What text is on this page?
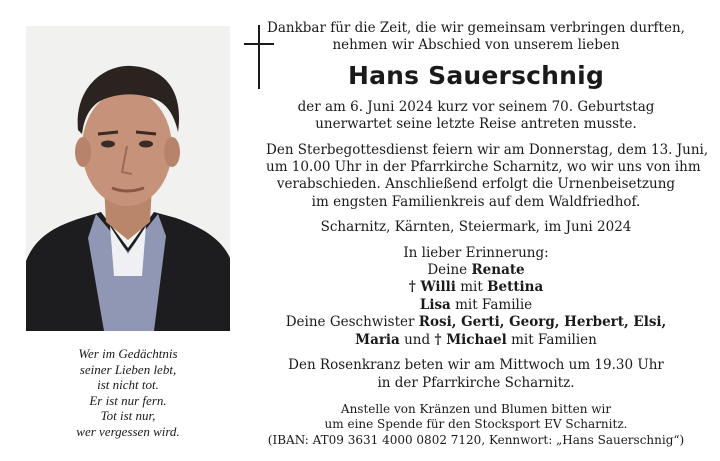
Wer im Gedächtnis
seiner Lieben lebt,
ist nicht tot.
Er ist nur fern.
Tot ist nur,
wer vergessen wird.
Dankbar für die Zeit, die wir gemeinsam verbringen durften,
nehmen wir Abschied von unserem lieben
Hans Sauerschnig
der am 6. Juni 2024 kurz vor seinem 70. Geburtstag
unerwartet seine letzte Reise antreten musste.
Den Sterbegottesdienst feiern wir am Donnerstag, dem 13. Juni,
um 10.00 Uhr in der Pfarrkirche Scharnitz, wo wir uns von ihm
verabschieden. Anschließend erfolgt die Urnenbeisetzung
im engsten Familienkreis auf dem Waldfriedhof.
Scharnitz, Kärnten, Steiermark, im Juni 2024
In lieber Erinnerung:
Deine Renate
† Willi mit Bettina
Lisa mit Familie
Deine Geschwister Rosi, Gerti, Georg, Herbert, Elsi,
Maria und † Michael mit Familien
Den Rosenkranz beten wir am Mittwoch um 19.30 Uhr
in der Pfarrkirche Scharnitz.
Anstelle von Kränzen und Blumen bitten wir
um eine Spende für den Stocksport EV Scharnitz.
(IBAN: AT09 3631 4000 0802 7120, Kennwort: „Hans Sauerschnig“)
